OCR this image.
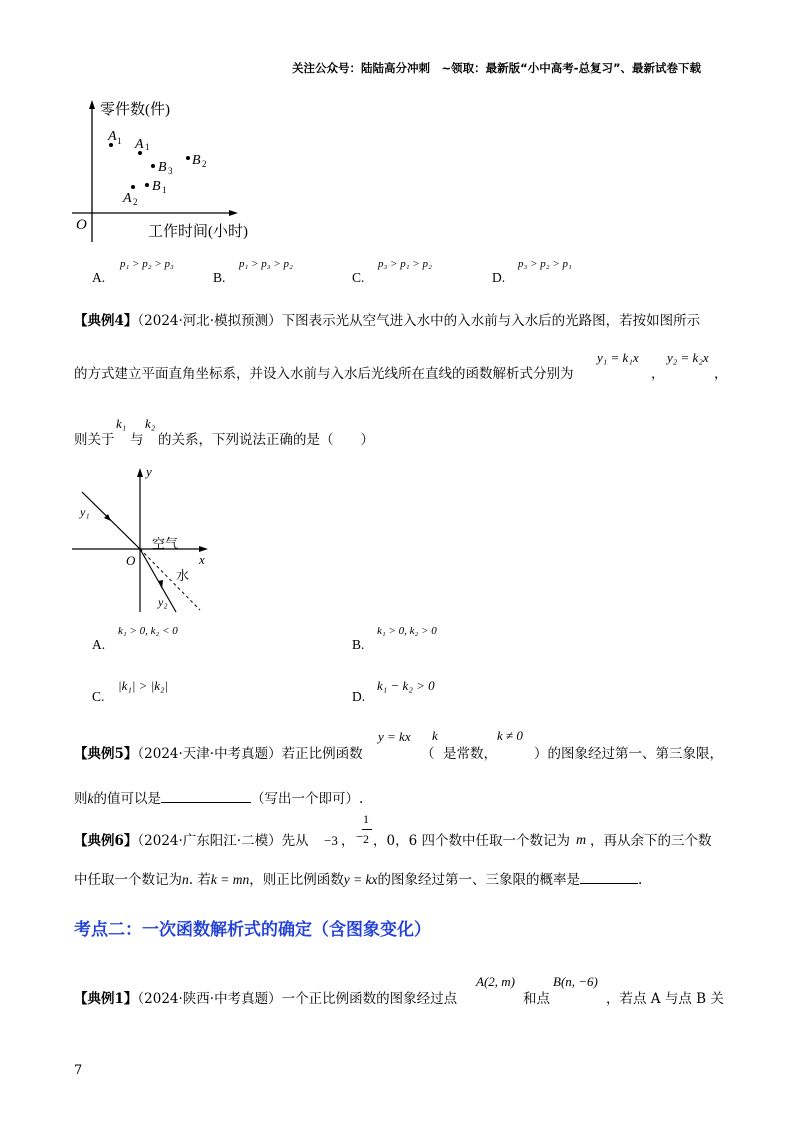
关注公众号：陆陆高分冲刺　~领取：最新版“小中高考-总复习”、最新试卷下载
零件数(件)
工作时间(小时)
O
A 1 A 1
B 3
B 2
B 1
A 2
A.
p₁ > p₂ > p₃
B.
p₁ > p₃ > p₂
C.
p₃ > p₁ > p₂
D.
p₃ > p₂ > p₁
【典例4】（2024·河北·模拟预测）下图表示光从空气进入水中的入水前与入水后的光路图，若按如图所示
的方式建立平面直角坐标系，并设入水前与入水后光线所在直线的函数解析式分别为
y₁ = k₁x
，
y₂ = k₂x
，
则关于
k₁
与
k₂
的关系，下列说法正确的是（　　）
y
x
O
y₁
y₂
空气
水
A.
k₁ > 0, k₂ < 0
B.
k₁ > 0, k₂ > 0
C.
|k₁| > |k₂|
D.
k₁ − k₂ > 0
【典例5】（2024·天津·中考真题）若正比例函数
y = kx
（
k
是常数，
k ≠ 0
）的图象经过第一、第三象限，
则k的值可以是	（写出一个即可）.
【典例6】（2024·广东阳江·二模）先从 −3 ， −
1
2 ，0，6 四个数中任取一个数记为 m ，再从余下的三个数
中任取一个数记为n. 若k = mn，则正比例函数y = kx的图象经过第一、三象限的概率是	.
考点二：一次函数解析式的确定（含图象变化）
【典例1】（2024·陕西·中考真题）一个正比例函数的图象经过点
A(2, m)
和点
B(n, −6)
，若点 A 与点 B 关
7
